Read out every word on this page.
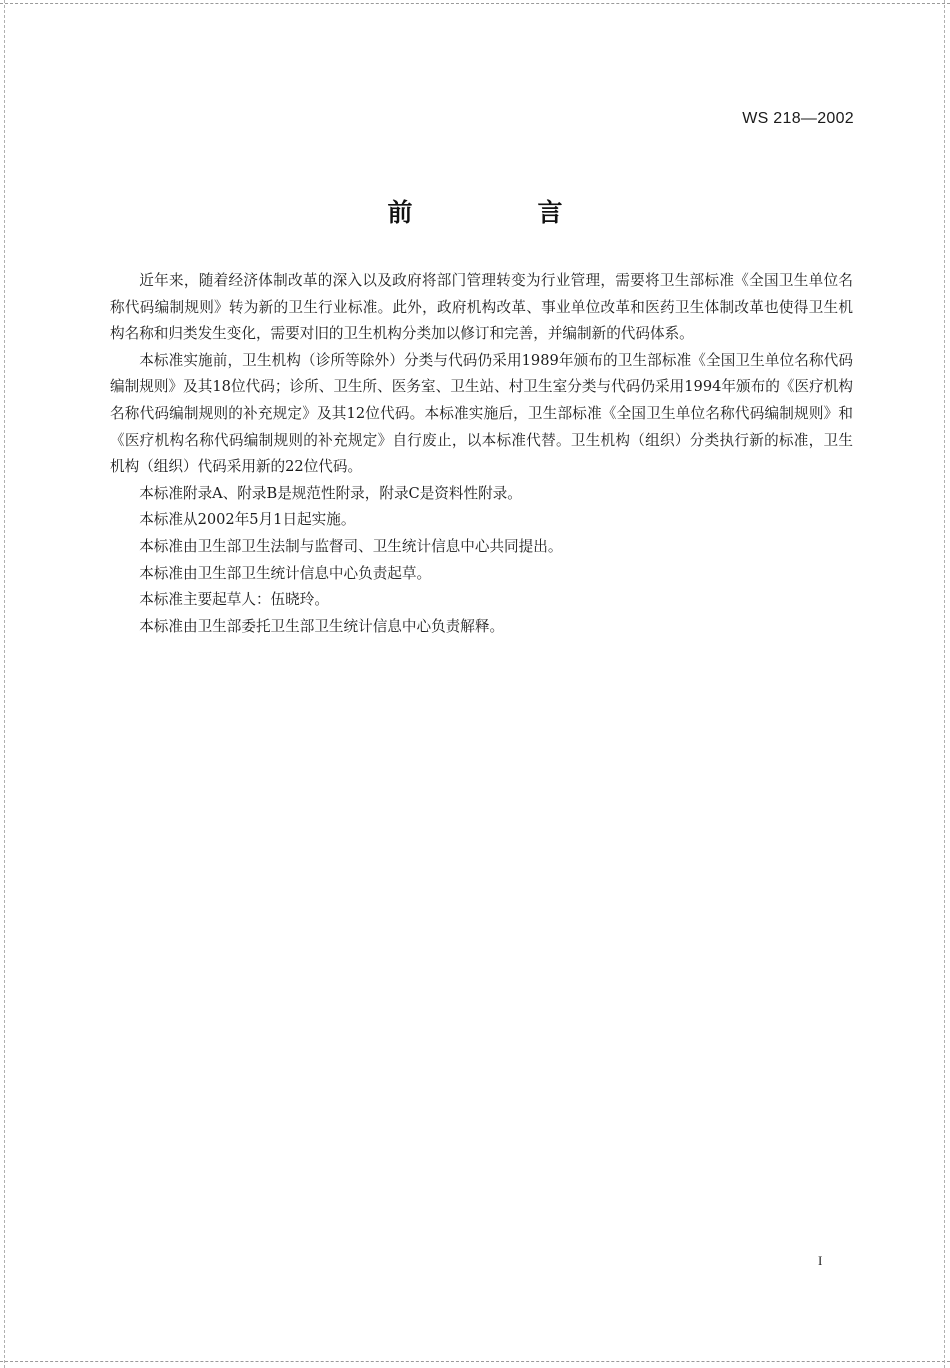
WS 218—2002
前　言

近年来，随着经济体制改革的深入以及政府将部门管理转变为行业管理，需要将卫生部标准《全国卫生单位名称代码编制规则》转为新的卫生行业标准。此外，政府机构改革、事业单位改革和医药卫生体制改革也使得卫生机构名称和归类发生变化，需要对旧的卫生机构分类加以修订和完善，并编制新的代码体系。

本标准实施前，卫生机构（诊所等除外）分类与代码仍采用1989年颁布的卫生部标准《全国卫生单位名称代码编制规则》及其18位代码；诊所、卫生所、医务室、卫生站、村卫生室分类与代码仍采用1994年颁布的《医疗机构名称代码编制规则的补充规定》及其12位代码。本标准实施后，卫生部标准《全国卫生单位名称代码编制规则》和《医疗机构名称代码编制规则的补充规定》自行废止，以本标准代替。卫生机构（组织）分类执行新的标准，卫生机构（组织）代码采用新的22位代码。

本标准附录A、附录B是规范性附录，附录C是资料性附录。

本标准从2002年5月1日起实施。

本标准由卫生部卫生法制与监督司、卫生统计信息中心共同提出。

本标准由卫生部卫生统计信息中心负责起草。

本标准主要起草人：伍晓玲。

本标准由卫生部委托卫生部卫生统计信息中心负责解释。

I
